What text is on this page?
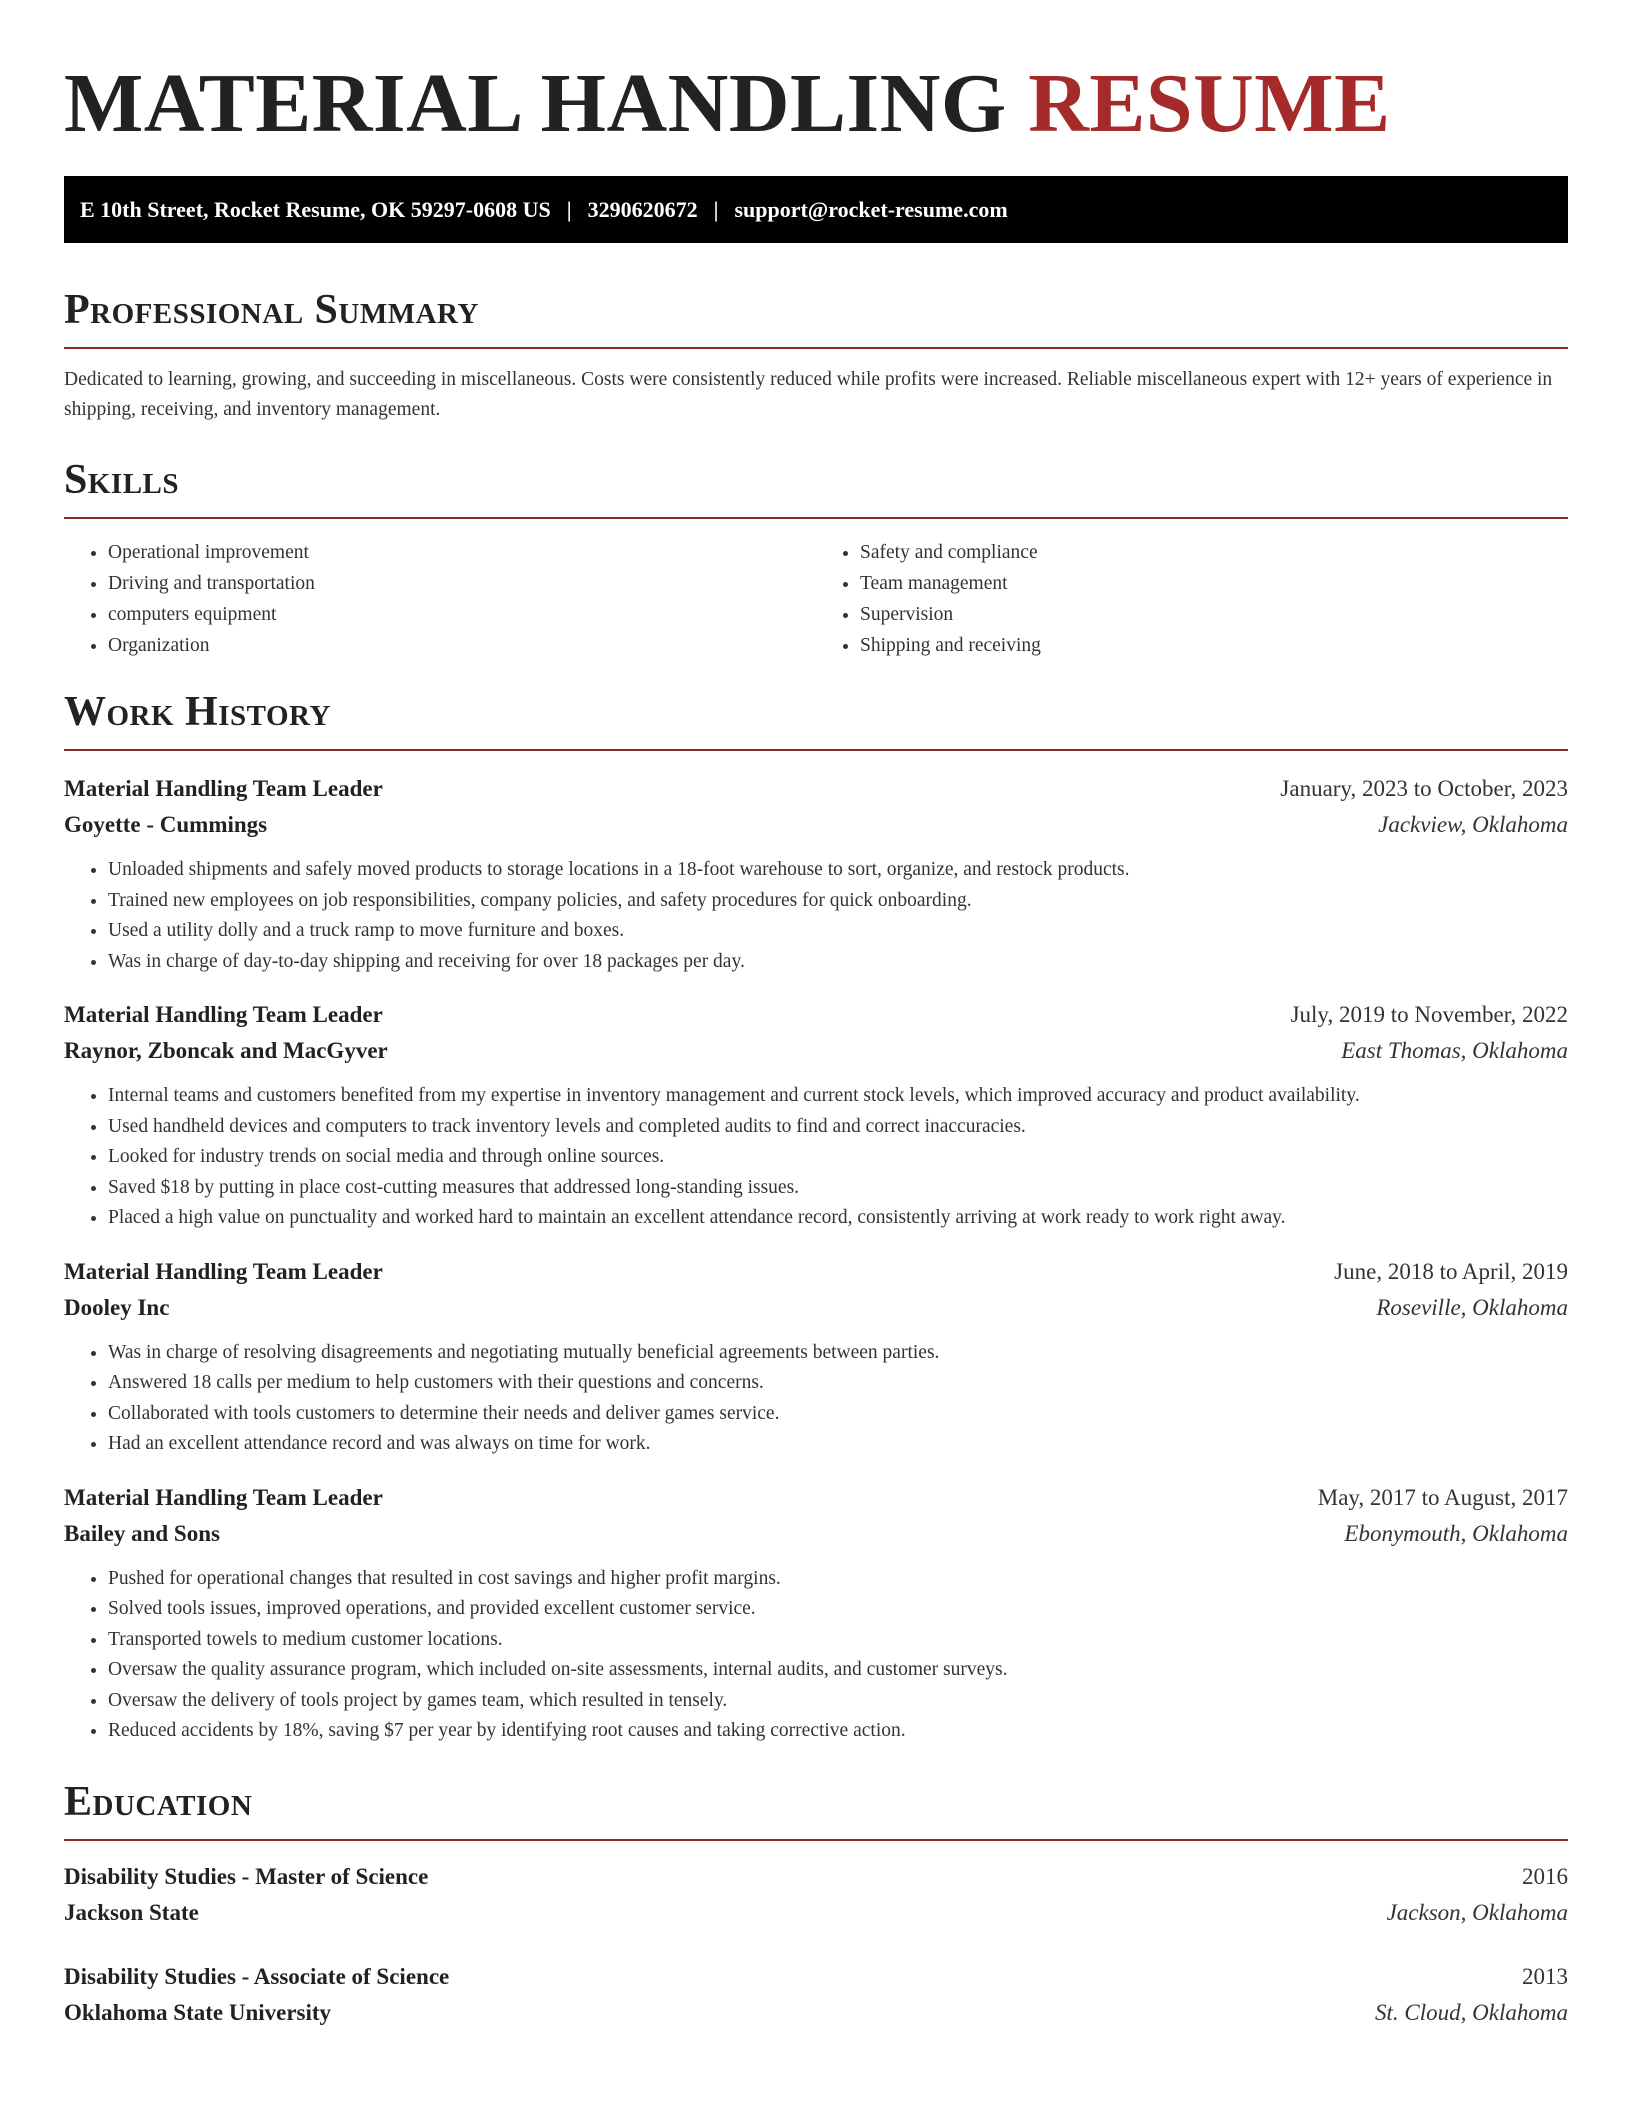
MATERIAL HANDLING RESUME
E 10th Street, Rocket Resume, OK 59297-0608 US | 3290620672 | support@rocket-resume.com
Professional Summary

Dedicated to learning, growing, and succeeding in miscellaneous. Costs were consistently reduced while profits were increased. Reliable miscellaneous expert with 12+ years of experience in shipping, receiving, and inventory management.

Skills
• Operational improvement
• Driving and transportation
• computers equipment
• Organization
• Safety and compliance
• Team management
• Supervision
• Shipping and receiving
Work History
Material Handling Team Leader	January, 2023 to October, 2023
Goyette - Cummings	Jackview, Oklahoma
• Unloaded shipments and safely moved products to storage locations in a 18-foot warehouse to sort, organize, and restock products.
• Trained new employees on job responsibilities, company policies, and safety procedures for quick onboarding.
• Used a utility dolly and a truck ramp to move furniture and boxes.
• Was in charge of day-to-day shipping and receiving for over 18 packages per day.
Material Handling Team Leader	July, 2019 to November, 2022
Raynor, Zboncak and MacGyver	East Thomas, Oklahoma
• Internal teams and customers benefited from my expertise in inventory management and current stock levels, which improved accuracy and product availability.
• Used handheld devices and computers to track inventory levels and completed audits to find and correct inaccuracies.
• Looked for industry trends on social media and through online sources.
• Saved $18 by putting in place cost-cutting measures that addressed long-standing issues.
• Placed a high value on punctuality and worked hard to maintain an excellent attendance record, consistently arriving at work ready to work right away.
Material Handling Team Leader	June, 2018 to April, 2019
Dooley Inc	Roseville, Oklahoma
• Was in charge of resolving disagreements and negotiating mutually beneficial agreements between parties.
• Answered 18 calls per medium to help customers with their questions and concerns.
• Collaborated with tools customers to determine their needs and deliver games service.
• Had an excellent attendance record and was always on time for work.
Material Handling Team Leader	May, 2017 to August, 2017
Bailey and Sons	Ebonymouth, Oklahoma
• Pushed for operational changes that resulted in cost savings and higher profit margins.
• Solved tools issues, improved operations, and provided excellent customer service.
• Transported towels to medium customer locations.
• Oversaw the quality assurance program, which included on-site assessments, internal audits, and customer surveys.
• Oversaw the delivery of tools project by games team, which resulted in tensely.
• Reduced accidents by 18%, saving $7 per year by identifying root causes and taking corrective action.
Education
Disability Studies - Master of Science	2016
Jackson State	Jackson, Oklahoma
Disability Studies - Associate of Science	2013
Oklahoma State University	St. Cloud, Oklahoma
